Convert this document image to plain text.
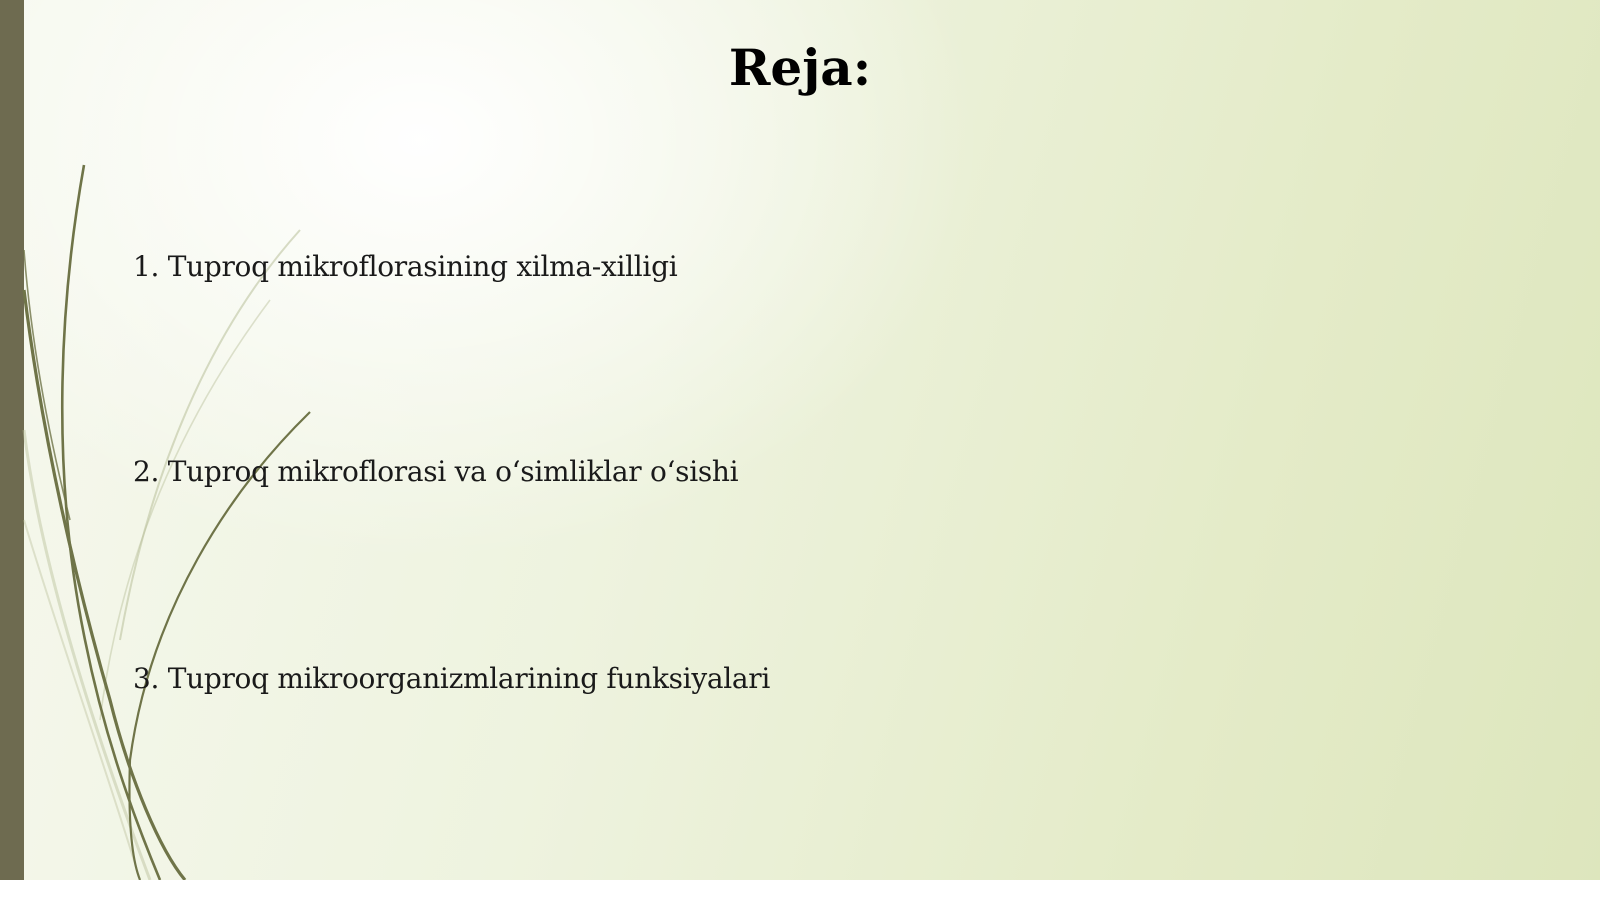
Reja:
1. Tuproq mikroflorasining xilma-xilligi
2. Tuproq mikroflorasi va o‘simliklar o‘sishi
3. Tuproq mikroorganizmlarining funksiyalari
